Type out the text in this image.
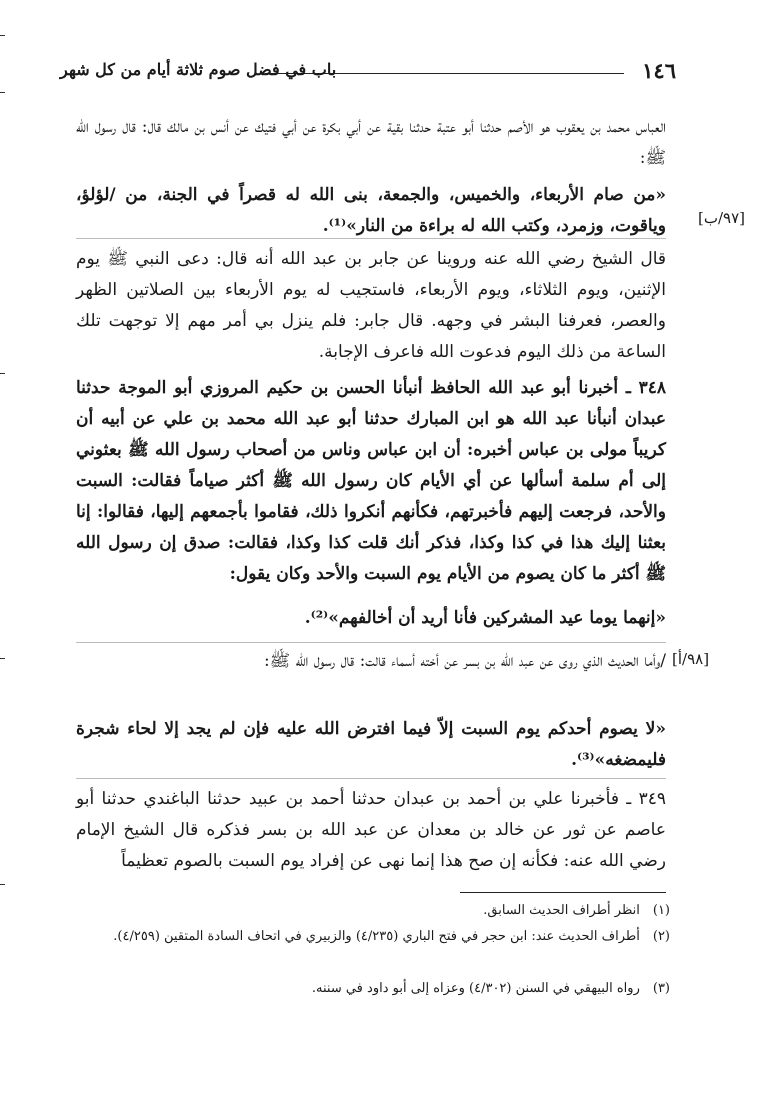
١٤٦
باب في فضل صوم ثلاثة أيام من كل شهر
العباس محمد بن يعقوب هو الأصم حدثنا أبو عتبة حدثنا بقية عن أبي بكرة عن أبي فتيك عن أنس بن مالك قال: قال رسول الله ﷺ:
«من صام الأربعاء، والخميس، والجمعة، بنى الله له قصراً في الجنة، من /لؤلؤ، وياقوت، وزمرد، وكتب الله له براءة من النار»⁽¹⁾. [٩٧/ب]
قال الشيخ رضي الله عنه وروينا عن جابر بن عبد الله أنه قال: دعى النبي ﷺ يوم الإثنين، ويوم الثلاثاء، ويوم الأربعاء، فاستجيب له يوم الأربعاء بين الصلاتين الظهر والعصر، فعرفنا البشر في وجهه. قال جابر: فلم ينزل بي أمر مهم إلا توجهت تلك الساعة من ذلك اليوم فدعوت الله فاعرف الإجابة.
٣٤٨ ـ أخبرنا أبو عبد الله الحافظ أنبأنا الحسن بن حكيم المروزي أبو الموجة حدثنا عبدان أنبأنا عبد الله هو ابن المبارك حدثنا أبو عبد الله محمد بن علي عن أبيه أن كريباً مولى بن عباس أخبره: أن ابن عباس وناس من أصحاب رسول الله ﷺ بعثوني إلى أم سلمة أسألها عن أي الأيام كان رسول الله ﷺ أكثر صياماً فقالت: السبت والأحد، فرجعت إليهم فأخبرتهم، فكأنهم أنكروا ذلك، فقاموا بأجمعهم إليها، فقالوا: إنا بعثنا إليك هذا في كذا وكذا، فذكر أنك قلت كذا وكذا، فقالت: صدق إن رسول الله ﷺ أكثر ما كان يصوم من الأيام يوم السبت والأحد وكان يقول:
«إنهما يوما عيد المشركين فأنا أريد أن أخالفهم»⁽²⁾.
[٩٨/أ]
/وأما الحديث الذي روى عن عبد الله بن بسر عن أخته أسماء قالت: قال رسول الله ﷺ:
«لا يصوم أحدكم يوم السبت إلاّ فيما افترض الله عليه فإن لم يجد إلا لحاء شجرة فليمضغه»⁽³⁾.
٣٤٩ ـ فأخبرنا علي بن أحمد بن عبدان حدثنا أحمد بن عبيد حدثنا الباغندي حدثنا أبو عاصم عن ثور عن خالد بن معدان عن عبد الله بن بسر فذكره قال الشيخ الإمام رضي الله عنه: فكأنه إن صح هذا إنما نهى عن إفراد يوم السبت بالصوم تعظيماً
(١) انظر أطراف الحديث السابق.
(٢) أطراف الحديث عند: ابن حجر في فتح الباري (٤/٢٣٥) والزبيري في اتحاف السادة المتقين (٤/٢٥٩).
(٣) رواه البيهقي في السنن (٤/٣٠٢) وعزاه إلى أبو داود في سننه.
